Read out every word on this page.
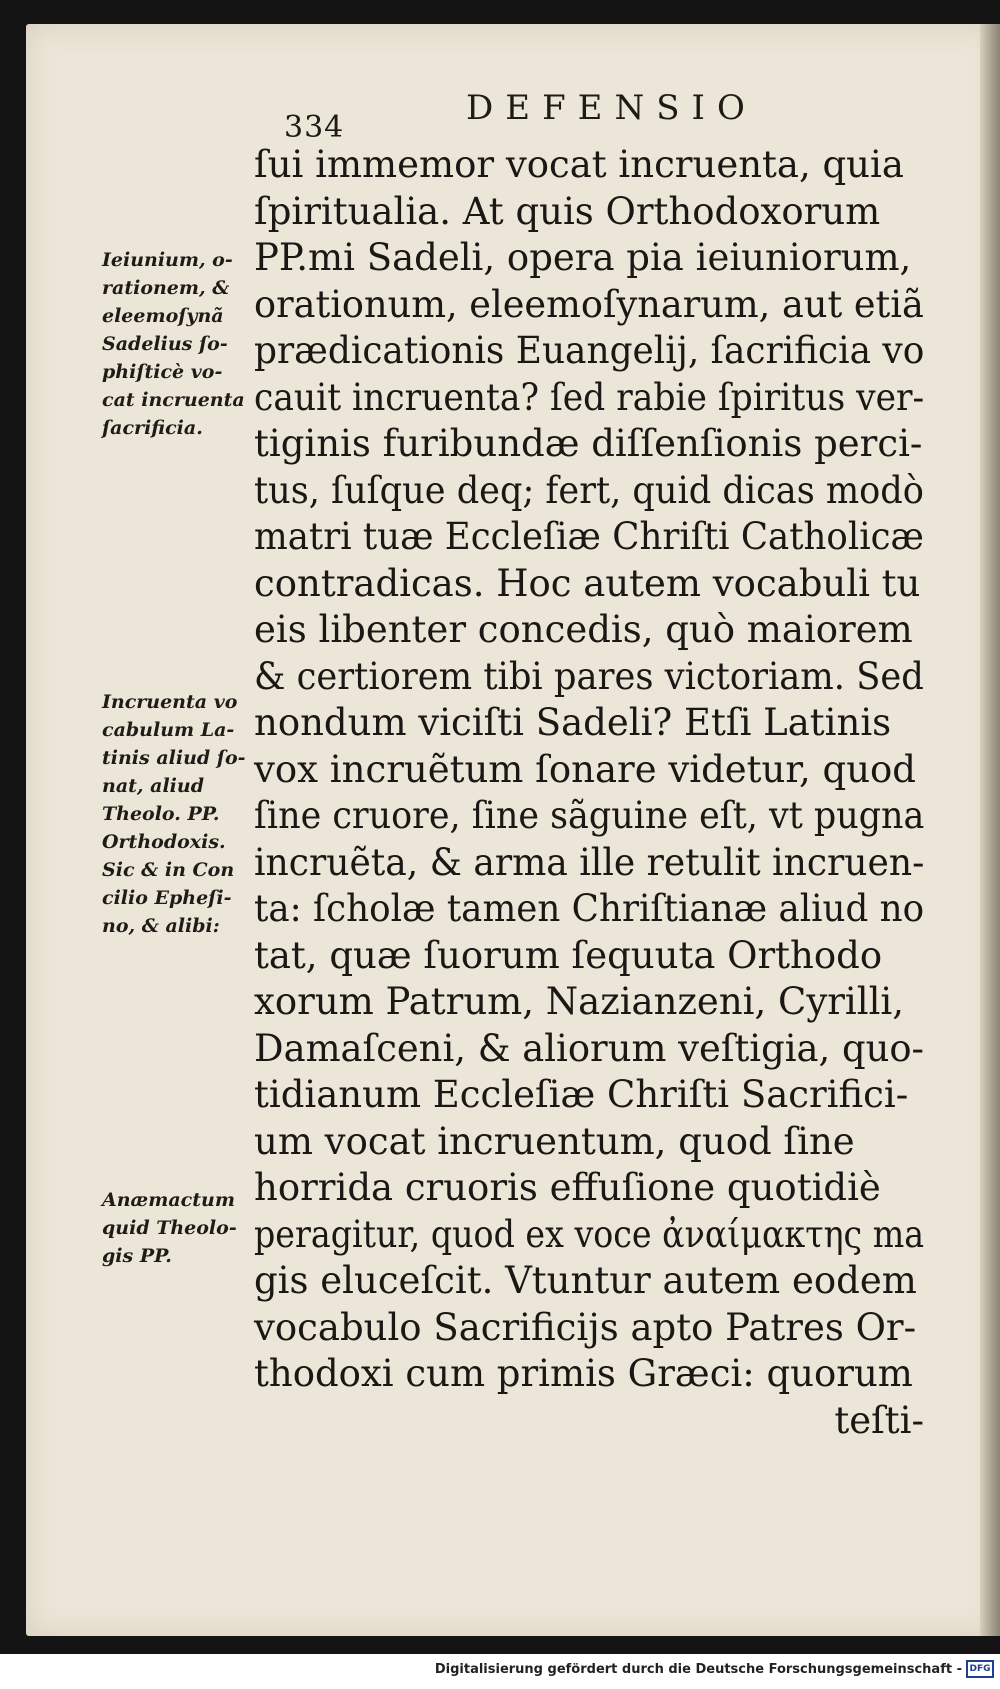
334	DEFENSIO
ſui immemor vocat incruenta, quia
ſpiritualia. At quis Orthodoxorum
PP.mi Sadeli, opera pia ieiuniorum,
orationum, eleemoſynarum, aut etiã
prædicationis Euangelij, ſacrificia vo
cauit incruenta? ſed rabie ſpiritus ver-
tiginis furibundæ diſſenſionis perci-
tus, ſuſque deq; fert, quid dicas modò
matri tuæ Eccleſiæ Chriſti Catholicæ
contradicas. Hoc autem vocabuli tu
eis libenter concedis, quò maiorem
& certiorem tibi pares victoriam. Sed
nondum viciſti Sadeli? Etſi Latinis
vox incruẽtum ſonare videtur, quod
ſine cruore, ſine sãguine eſt, vt pugna
incruẽta, & arma ille retulit incruen-
ta: ſcholæ tamen Chriſtianæ aliud no
tat, quæ ſuorum ſequuta Orthodo
xorum Patrum, Nazianzeni, Cyrilli,
Damaſceni, & aliorum veſtigia, quo-
tidianum Eccleſiæ Chriſti Sacrifici-
um vocat incruentum, quod ſine
horrida cruoris effuſione quotidiè
peragitur, quod ex voce ἀναίμακτης ma
gis eluceſcit. Vtuntur autem eodem
vocabulo Sacrificijs apto Patres Or-
thodoxi cum primis Græci: quorum
teſti-
Ieiunium, o-
rationem, &
eleemoſynã
Sadelius ſo-
phiſticè vo-
cat incruenta
ſacrificia.
Incruenta vo
cabulum La-
tinis aliud ſo-
nat, aliud
Theolo. PP.
Orthodoxis.
Sic & in Con
cilio Epheſi-
no, & alibi:
Anæmactum
quid Theolo-
gis PP.
Digitalisierung gefördert durch die Deutsche Forschungsgemeinschaft - DFG
